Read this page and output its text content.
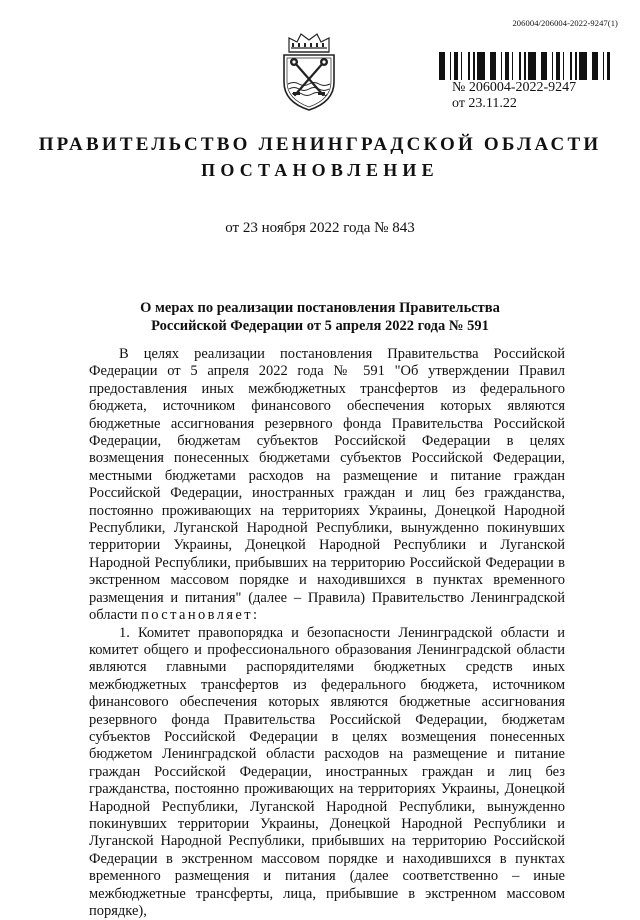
206004/206004-2022-9247(1)
№ 206004-2022-9247
от 23.11.22
ПРАВИТЕЛЬСТВО ЛЕНИНГРАДСКОЙ ОБЛАСТИ
ПОСТАНОВЛЕНИЕ
от 23 ноября 2022 года № 843
О мерах по реализации постановления Правительства
Российской Федерации от 5 апреля 2022 года № 591

В целях реализации постановления Правительства Российской Федерации от 5 апреля 2022 года № 591 "Об утверждении Правил предоставления иных межбюджетных трансфертов из федерального бюджета, источником финансового обеспечения которых являются бюджетные ассигнования резервного фонда Правительства Российской Федерации, бюджетам субъектов Российской Федерации в целях возмещения понесенных бюджетами субъектов Российской Федерации, местными бюджетами расходов на размещение и питание граждан Российской Федерации, иностранных граждан и лиц без гражданства, постоянно проживающих на территориях Украины, Донецкой Народной Республики, Луганской Народной Республики, вынужденно покинувших территории Украины, Донецкой Народной Республики и Луганской Народной Республики, прибывших на территорию Российской Федерации в экстренном массовом порядке и находившихся в пунктах временного размещения и питания" (далее – Правила) Правительство Ленинградской области постановляет:

1. Комитет правопорядка и безопасности Ленинградской области и комитет общего и профессионального образования Ленинградской области являются главными распорядителями бюджетных средств иных межбюджетных трансфертов из федерального бюджета, источником финансового обеспечения которых являются бюджетные ассигнования резервного фонда Правительства Российской Федерации, бюджетам субъектов Российской Федерации в целях возмещения понесенных бюджетом Ленинградской области расходов на размещение и питание граждан Российской Федерации, иностранных граждан и лиц без гражданства, постоянно проживающих на территориях Украины, Донецкой Народной Республики, Луганской Народной Республики, вынужденно покинувших территории Украины, Донецкой Народной Республики и Луганской Народной Республики, прибывших на территорию Российской Федерации в экстренном массовом порядке и находившихся в пунктах временного размещения и питания (далее соответственно – иные межбюджетные трансферты, лица, прибывшие в экстренном массовом порядке),
